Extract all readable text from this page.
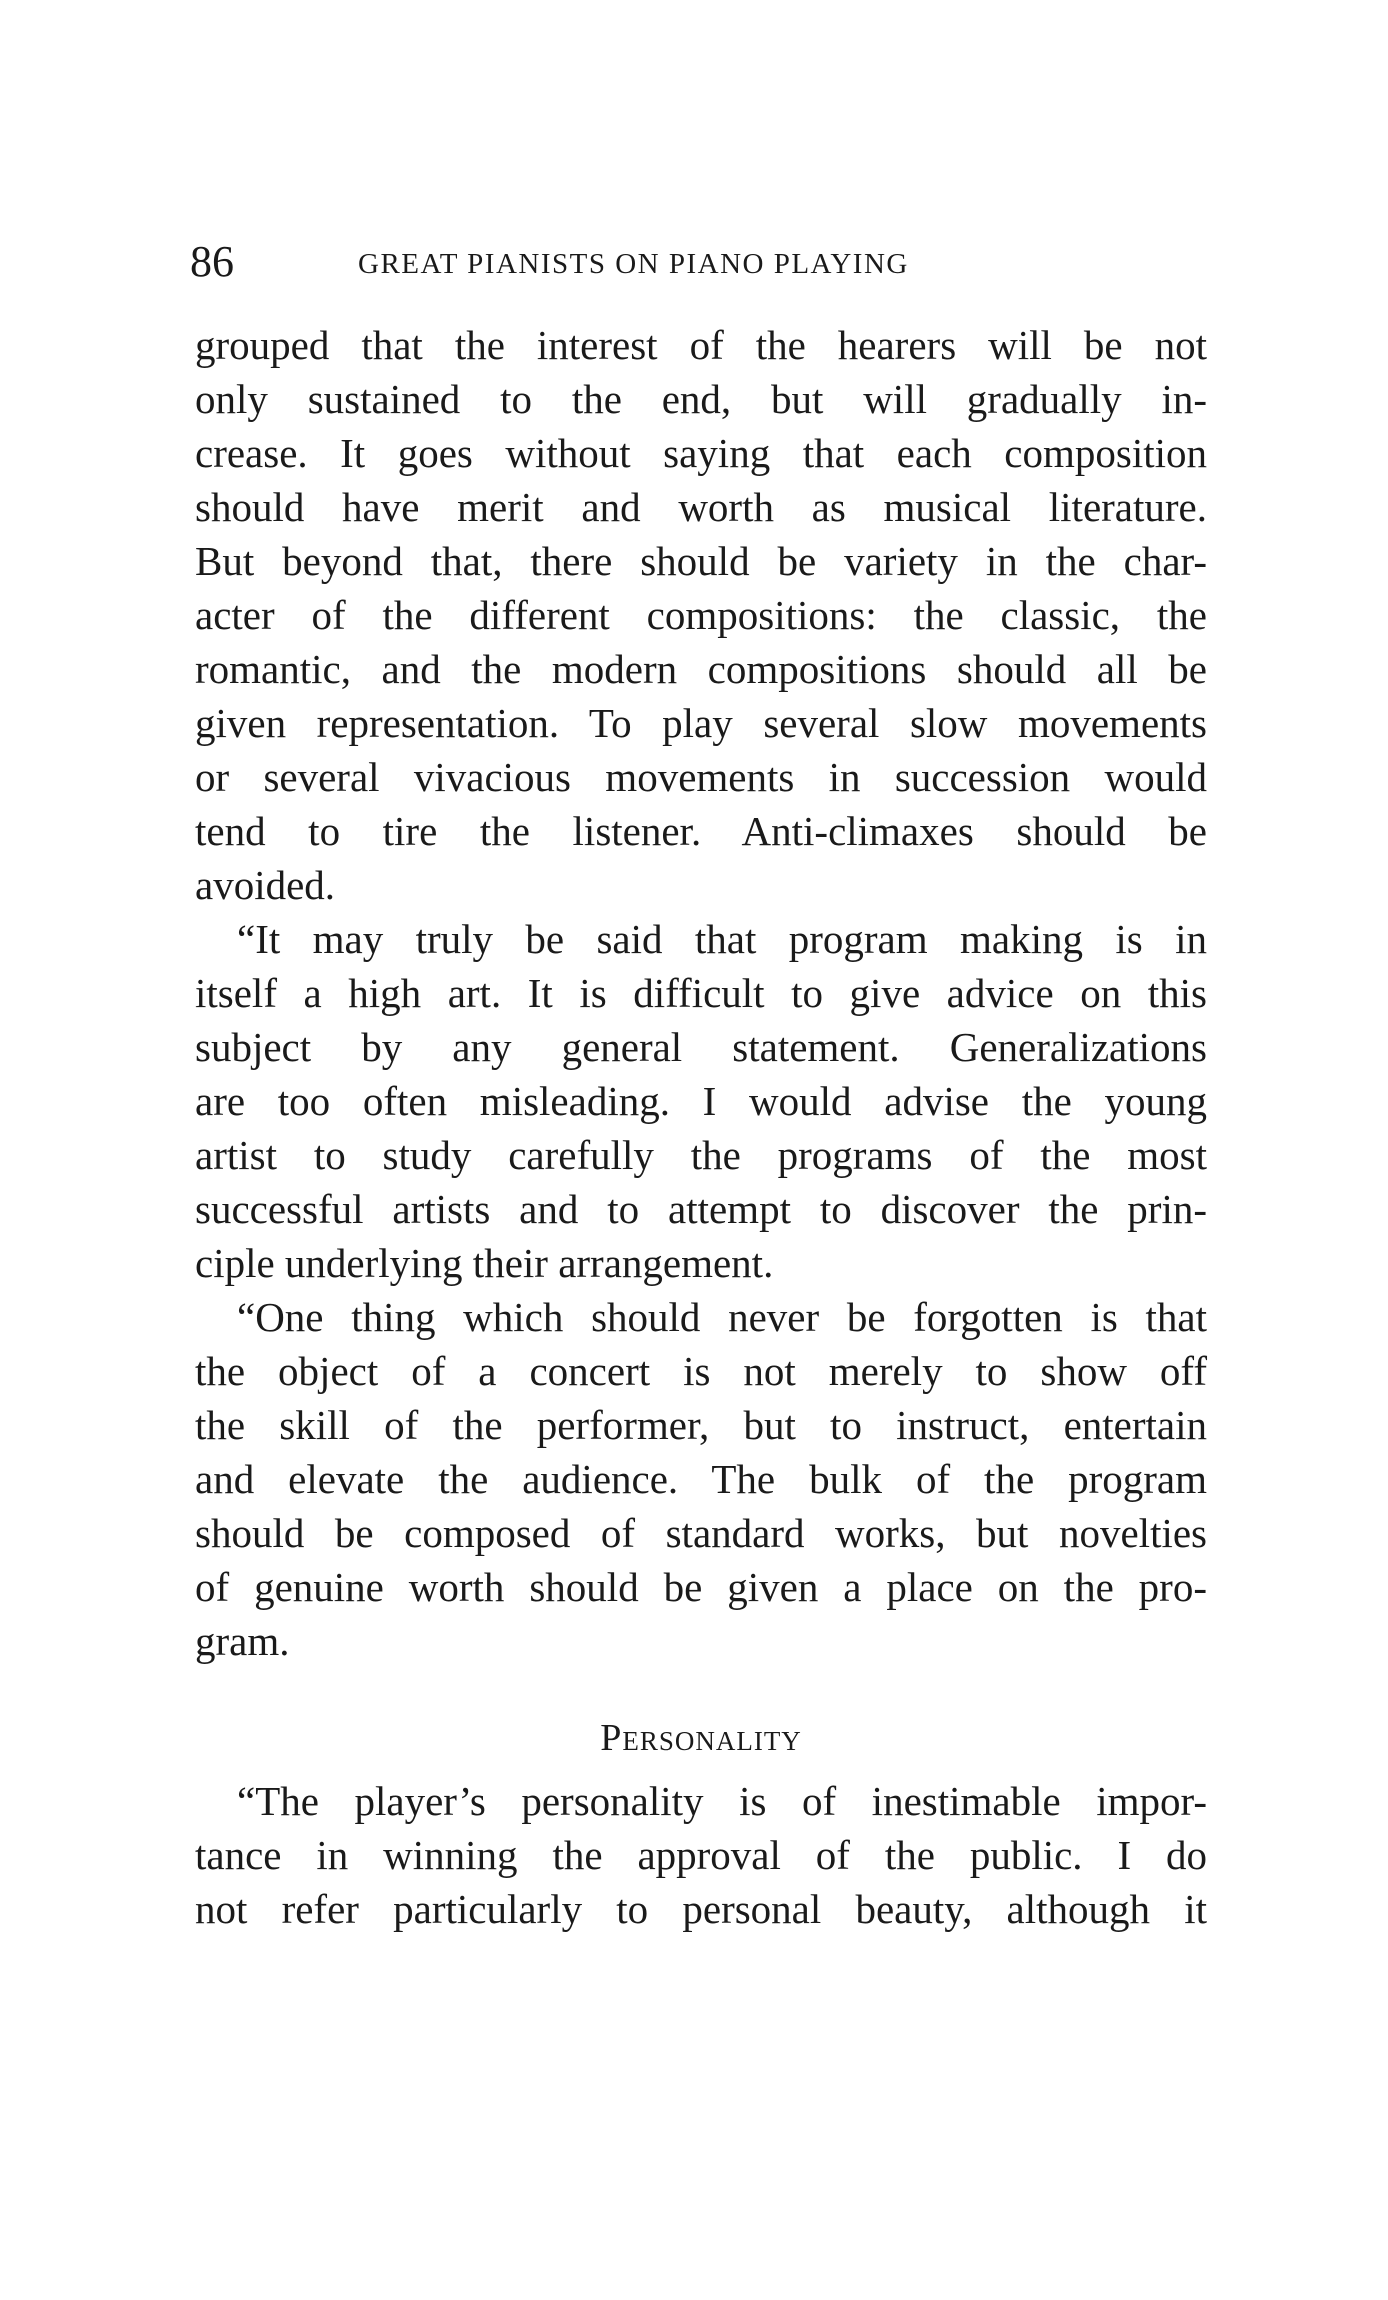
86	GREAT PIANISTS ON PIANO PLAYING
grouped that the interest of the hearers will be not
only sustained to the end, but will gradually in-
crease. It goes without saying that each composition
should have merit and worth as musical literature.
But beyond that, there should be variety in the char-
acter of the different compositions: the classic, the
romantic, and the modern compositions should all be
given representation. To play several slow movements
or several vivacious movements in succession would
tend to tire the listener. Anti-climaxes should be
avoided.
“It may truly be said that program making is in
itself a high art. It is difficult to give advice on this
subject by any general statement. Generalizations
are too often misleading. I would advise the young
artist to study carefully the programs of the most
successful artists and to attempt to discover the prin-
ciple underlying their arrangement.
“One thing which should never be forgotten is that
the object of a concert is not merely to show off
the skill of the performer, but to instruct, entertain
and elevate the audience. The bulk of the program
should be composed of standard works, but novelties
of genuine worth should be given a place on the pro-
gram.
Personality
“The player’s personality is of inestimable impor-
tance in winning the approval of the public. I do
not refer particularly to personal beauty, although it
